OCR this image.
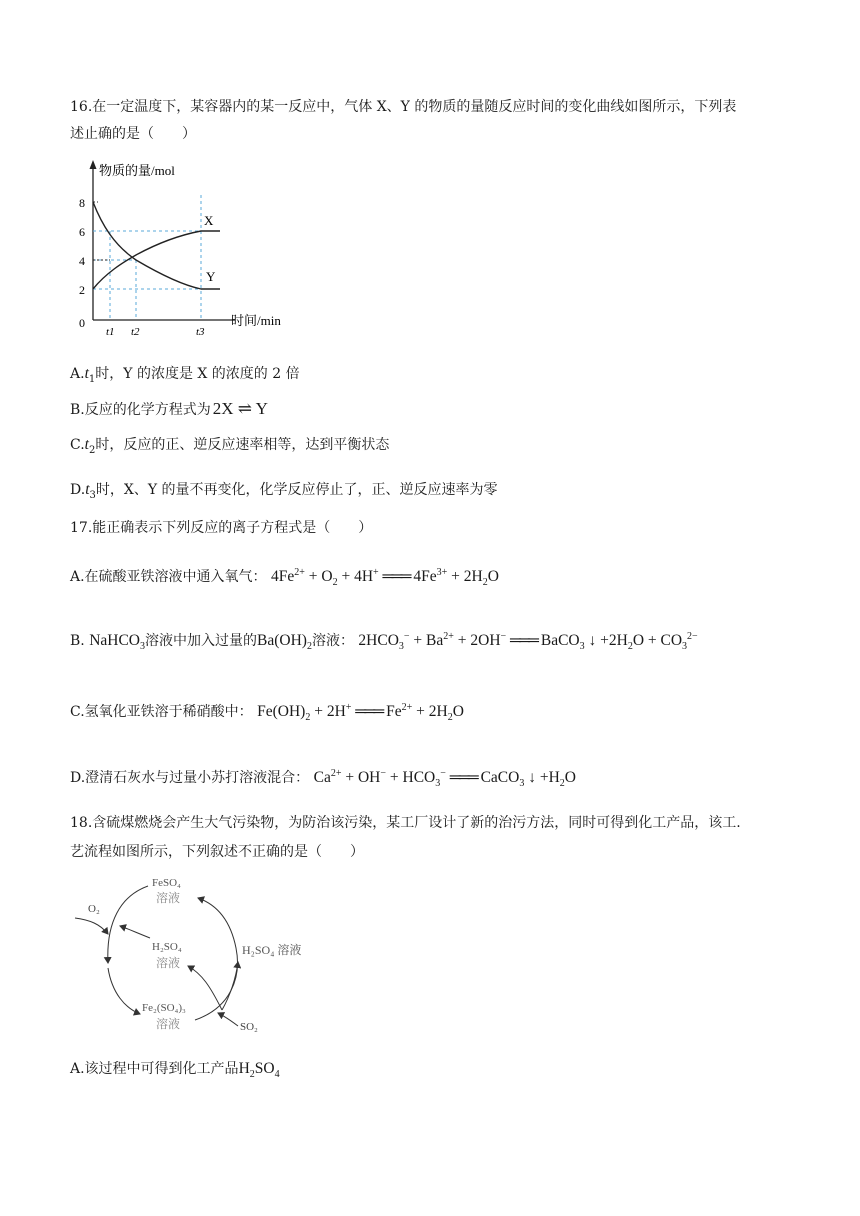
16.在一定温度下，某容器内的某一反应中，气体 X、Y 的物质的量随反应时间的变化曲线如图所示，下列表
述止确的是（　　）
物质的量/mol
时间/min
8
6
4
2
0
X
Y
t1 t2	t3
$A.t_1$时，Y 的浓度是 X 的浓度的 2 倍
B.反应的化学方程式为 2X ⇌ Y
$C.t_2$时，反应的正、逆反应速率相等，达到平衡状态
$D.t_3$时，X、Y 的量不再变化，化学反应停止了，正、逆反应速率为零
17.能正确表示下列反应的离子方程式是（　　）
A.在硫酸亚铁溶液中通入氧气： $4Fe^{2+} + O_2 + 4H^+$ ═══ $4Fe^{3+} + 2H_2O$
B. NaHCO$_3$溶液中加入过量的$Ba(OH)_2$溶液： $2HCO_3^- + Ba^{2+} + 2OH^-$ ═══ BaCO$_3$ ↓ $+2H_2O + CO_3^{2-}$
C.氢氧化亚铁溶于稀硝酸中： $Fe(OH)_2 + 2H^+$ ═══ $Fe^{2+} + 2H_2O$
D.澄清石灰水与过量小苏打溶液混合： $Ca^{2+} + OH^- + HCO_3^-$ ═══ CaCO$_3$ ↓ $+H_2O$
18.含硫煤燃烧会产生大气污染物，为防治该污染，某工厂设计了新的治污方法，同时可得到化工产品，该工.
艺流程如图所示，下列叙述不正确的是（　　）
FeSO₄
溶液
H₂SO₄
溶液
Fe₂(SO₄)₃
溶液
H₂SO₄ 溶液
O₂
SO₂
A.该过程中可得到化工产品$H_2SO_4$
